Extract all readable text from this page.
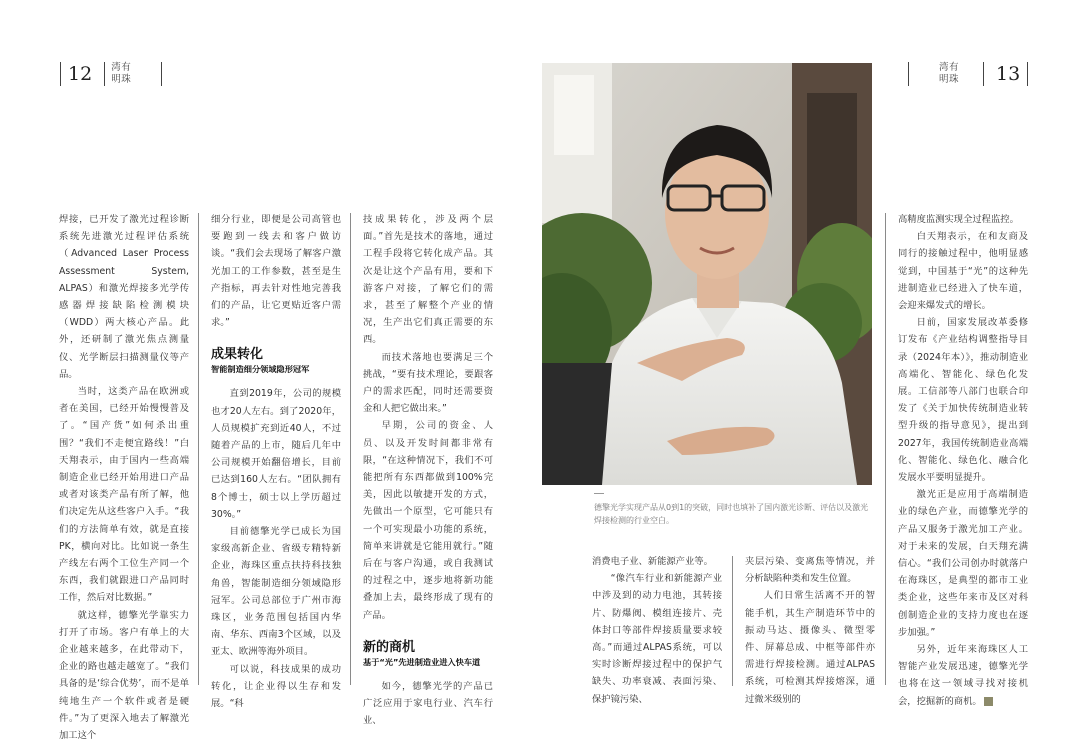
12	湾有
明珠

焊接，已开发了激光过程诊断系统先进激光过程评估系统（Advanced Laser Process Assessment System, ALPAS）和激光焊接多光学传感器焊接缺陷检测模块（WDD）两大核心产品。此外，还研制了激光焦点测量仪、光学断层扫描测量仪等产品。

当时，这类产品在欧洲或者在美国，已经开始慢慢普及了。“国产货”如何杀出重围？“我们不走便宜路线！”白天翔表示，由于国内一些高端制造企业已经开始用进口产品或者对该类产品有所了解，他们决定先从这些客户入手。“我们的方法简单有效，就是直接PK，横向对比。比如说一条生产线左右两个工位生产同一个东西，我们就跟进口产品同时工作，然后对比数据。”

就这样，德擎光学靠实力打开了市场。客户有单上的大企业越来越多，在此带动下，企业的路也越走越宽了。“我们具备的是‘综合优势’，而不是单纯地生产一个软件或者是硬件。”为了更深入地去了解激光加工这个

细分行业，即便是公司高管也要跑到一线去和客户做访谈。“我们会去现场了解客户激光加工的工作参数，甚至是生产指标，再去针对性地完善我们的产品，让它更贴近客户需求。”

成果转化
智能制造细分领域隐形冠军

直到2019年，公司的规模也才20人左右。到了2020年，人员规模扩充到近40人，不过随着产品的上市，随后几年中公司规模开始翻倍增长，目前已达到160人左右。“团队拥有8个博士，硕士以上学历超过30%。”

目前德擎光学已成长为国家级高新企业、省级专精特新企业，海珠区重点扶持科技独角兽，智能制造细分领域隐形冠军。公司总部位于广州市海珠区，业务范围包括国内华南、华东、西南3个区域，以及亚太、欧洲等海外项目。

可以说，科技成果的成功转化，让企业得以生存和发展。“科

技成果转化，涉及两个层面。”首先是技术的落地，通过工程手段将它转化成产品。其次是让这个产品有用，要和下游客户对接，了解它们的需求，甚至了解整个产业的情况，生产出它们真正需要的东西。

而技术落地也要满足三个挑战，“要有技术理论，要跟客户的需求匹配，同时还需要资金和人把它做出来。”

早期，公司的资金、人员、以及开发时间都非常有限，“在这种情况下，我们不可能把所有东西都做到100%完美，因此以敏捷开发的方式，先做出一个原型，它可能只有一个可实现最小功能的系统，简单来讲就是它能用就行。”随后在与客户沟通，或自我测试的过程之中，逐步地将新功能叠加上去，最终形成了现有的产品。

新的商机
基于“光”先进制造业进入快车道

如今，德擎光学的产品已广泛应用于家电行业、汽车行业、

德擎光学实现产品从0到1的突破，同时也填补了国内激光诊断、评估以及激光焊接检测的行业空白。
湾有
明珠	13

消费电子业、新能源产业等。

“像汽车行业和新能源产业中涉及到的动力电池，其转接片、防爆阀、模组连接片、壳体封口等部件焊接质量要求较高。”而通过ALPAS系统，可以实时诊断焊接过程中的保护气缺失、功率衰减、表面污染、保护镜污染、

夹层污染、变离焦等情况，并分析缺陷种类和发生位置。

人们日常生活离不开的智能手机，其生产制造环节中的振动马达、摄像头、微型零件、屏幕总成、中框等部件亦需进行焊接检测。通过ALPAS系统，可检测其焊接熔深，通过微米级别的

高精度监测实现全过程监控。

白天翔表示，在和友商及同行的接触过程中，他明显感觉到，中国基于“光”的这种先进制造业已经进入了快车道，会迎来爆发式的增长。

日前，国家发展改革委修订发布《产业结构调整指导目录（2024年本）》，推动制造业高端化、智能化、绿色化发展。工信部等八部门也联合印发了《关于加快传统制造业转型升级的指导意见》，提出到2027年，我国传统制造业高端化、智能化、绿色化、融合化发展水平要明显提升。

激光正是应用于高端制造业的绿色产业，而德擎光学的产品又服务于激光加工产业。对于未来的发展，白天翔充满信心。“我们公司创办时就落户在海珠区，是典型的都市工业类企业，这些年来市及区对科创制造企业的支持力度也在逐步加强。”

另外，近年来海珠区人工智能产业发展迅速，德擎光学也将在这一领域寻找对接机会，挖掘新的商机。
